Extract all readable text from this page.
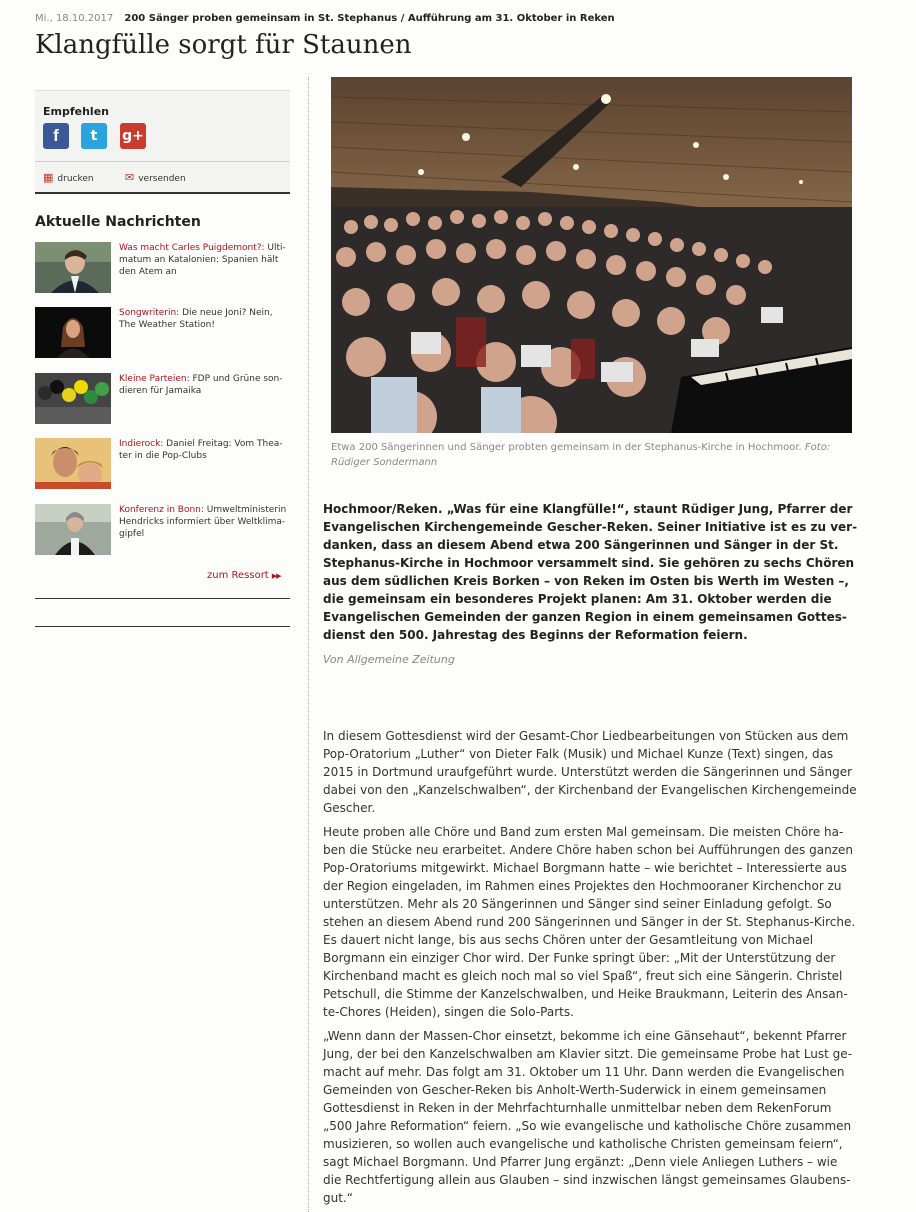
Mi., 18.10.2017 200 Sänger proben gemeinsam in St. Stephanus / Aufführung am 31. Oktober in Reken
Klangfülle sorgt für Staunen
Empfehlen
f	t	g+
▦ drucken	✉ versenden
Aktuelle Nachrichten
Was macht Carles Puigdemont?: Ultimatum an Katalonien: Spanien hält den Atem an
Songwriterin: Die neue Joni? Nein, The Weather Station!
Kleine Parteien: FDP und Grüne sondieren für Jamaika
Indierock: Daniel Freitag: Vom Theater in die Pop-Clubs
Konferenz in Bonn: Umweltministerin Hendricks informiert über Weltklimagipfel
zum Ressort ▶▶
Etwa 200 Sängerinnen und Sänger probten gemeinsam in der Stephanus-Kirche in Hochmoor. Foto: Rüdiger Sondermann

Hochmoor/Reken. „Was für eine Klangfülle!“, staunt Rüdiger Jung, Pfarrer der Evangelischen Kirchengemeinde Gescher-Reken. Seiner Initiative ist es zu verdanken, dass an diesem Abend etwa 200 Sängerinnen und Sänger in der St. Stephanus-Kirche in Hochmoor versammelt sind. Sie gehören zu sechs Chören aus dem südlichen Kreis Borken – von Reken im Osten bis Werth im Westen –, die gemeinsam ein besonderes Projekt planen: Am 31. Oktober werden die Evangelischen Gemeinden der ganzen Region in einem gemeinsamen Gottesdienst den 500. Jahrestag des Beginns der Reformation feiern.

Von Allgemeine Zeitung

In diesem Gottesdienst wird der Gesamt-Chor Liedbearbeitungen von Stücken aus dem Pop-Oratorium „Luther“ von Dieter Falk (Musik) und Michael Kunze (Text) singen, das 2015 in Dortmund uraufgeführt wurde. Unterstützt werden die Sängerinnen und Sänger dabei von den „Kanzelschwalben“, der Kirchenband der Evangelischen Kirchengemeinde Gescher.

Heute proben alle Chöre und Band zum ersten Mal gemeinsam. Die meisten Chöre haben die Stücke neu erarbeitet. Andere Chöre haben schon bei Aufführungen des ganzen Pop-Oratoriums mitgewirkt. Michael Borgmann hatte – wie berichtet – Interessierte aus der Region eingeladen, im Rahmen eines Projektes den Hochmooraner Kirchenchor zu unterstützen. Mehr als 20 Sängerinnen und Sänger sind seiner Einladung gefolgt. So stehen an diesem Abend rund 200 Sängerinnen und Sänger in der St. Stephanus-Kirche. Es dauert nicht lange, bis aus sechs Chören unter der Gesamtleitung von Michael Borgmann ein einziger Chor wird. Der Funke springt über: „Mit der Unterstützung der Kirchenband macht es gleich noch mal so viel Spaß“, freut sich eine Sängerin. Christel Petschull, die Stimme der Kanzelschwalben, und Heike Braukmann, Leiterin des Ansante-Chores (Heiden), singen die Solo-Parts.

„Wenn dann der Massen-Chor einsetzt, bekomme ich eine Gänsehaut“, bekennt Pfarrer Jung, der bei den Kanzelschwalben am Klavier sitzt. Die gemeinsame Probe hat Lust gemacht auf mehr. Das folgt am 31. Oktober um 11 Uhr. Dann werden die Evangelischen Gemeinden von Gescher-Reken bis Anholt-Werth-Suderwick in einem gemeinsamen Gottesdienst in Reken in der Mehrfachturnhalle unmittelbar neben dem RekenForum „500 Jahre Reformation“ feiern. „So wie evangelische und katholische Chöre zusammen musizieren, so wollen auch evangelische und katholische Christen gemeinsam feiern“, sagt Michael Borgmann. Und Pfarrer Jung ergänzt: „Denn viele Anliegen Luthers – wie die Rechtfertigung allein aus Glauben – sind inzwischen längst gemeinsames Glaubensgut.“
